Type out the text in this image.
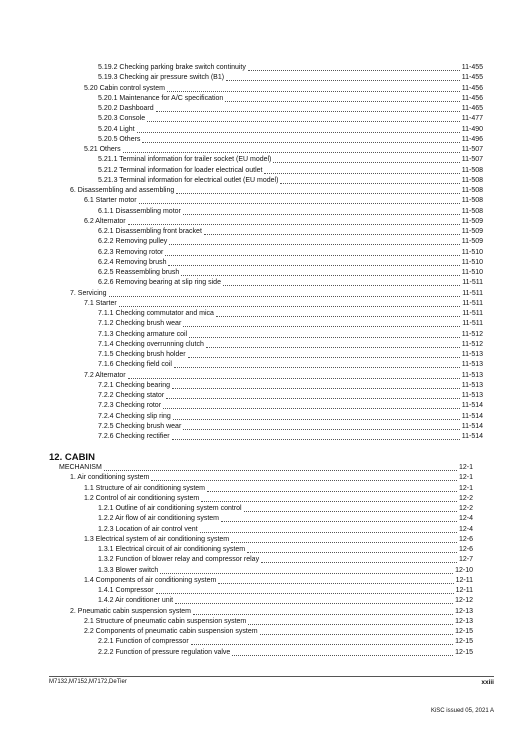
5.19.2 Checking parking brake switch continuity	11-455
5.19.3 Checking air pressure switch (B1)	11-455
5.20 Cabin control system	11-456
5.20.1 Maintenance for A/C specification	11-456
5.20.2 Dashboard	11-465
5.20.3 Console	11-477
5.20.4 Light	11-490
5.20.5 Others	11-496
5.21 Others	11-507
5.21.1 Terminal information for trailer socket (EU model)	11-507
5.21.2 Terminal information for loader electrical outlet	11-508
5.21.3 Terminal information for electrical outlet (EU model)	11-508
6. Disassembling and assembling	11-508
6.1 Starter motor	11-508
6.1.1 Disassembling motor	11-508
6.2 Alternator	11-509
6.2.1 Disassembling front bracket	11-509
6.2.2 Removing pulley	11-509
6.2.3 Removing rotor	11-510
6.2.4 Removing brush	11-510
6.2.5 Reassembling brush	11-510
6.2.6 Removing bearing at slip ring side	11-511
7. Servicing	11-511
7.1 Starter	11-511
7.1.1 Checking commutator and mica	11-511
7.1.2 Checking brush wear	11-511
7.1.3 Checking armature coil	11-512
7.1.4 Checking overrunning clutch	11-512
7.1.5 Checking brush holder	11-513
7.1.6 Checking field coil	11-513
7.2 Alternator	11-513
7.2.1 Checking bearing	11-513
7.2.2 Checking stator	11-513
7.2.3 Checking rotor	11-514
7.2.4 Checking slip ring	11-514
7.2.5 Checking brush wear	11-514
7.2.6 Checking rectifier	11-514
MECHANISM	12-1
1. Air conditioning system	12-1
1.1 Structure of air conditioning system	12-1
1.2 Control of air conditioning system	12-2
1.2.1 Outline of air conditioning system control	12-2
1.2.2 Air flow of air conditioning system	12-4
1.2.3 Location of air control vent	12-4
1.3 Electrical system of air conditioning system	12-6
1.3.1 Electrical circuit of air conditioning system	12-6
1.3.2 Function of blower relay and compressor relay	12-7
1.3.3 Blower switch	12-10
1.4 Components of air conditioning system	12-11
1.4.1 Compressor	12-11
1.4.2 Air conditioner unit	12-12
2. Pneumatic cabin suspension system	12-13
2.1 Structure of pneumatic cabin suspension system	12-13
2.2 Components of pneumatic cabin suspension system	12-15
2.2.1 Function of compressor	12-15
2.2.2 Function of pressure regulation valve	12-15
12. CABIN
M7132,M7152,M7172,DeTier	xxiii
KiSC issued 05, 2021 A
